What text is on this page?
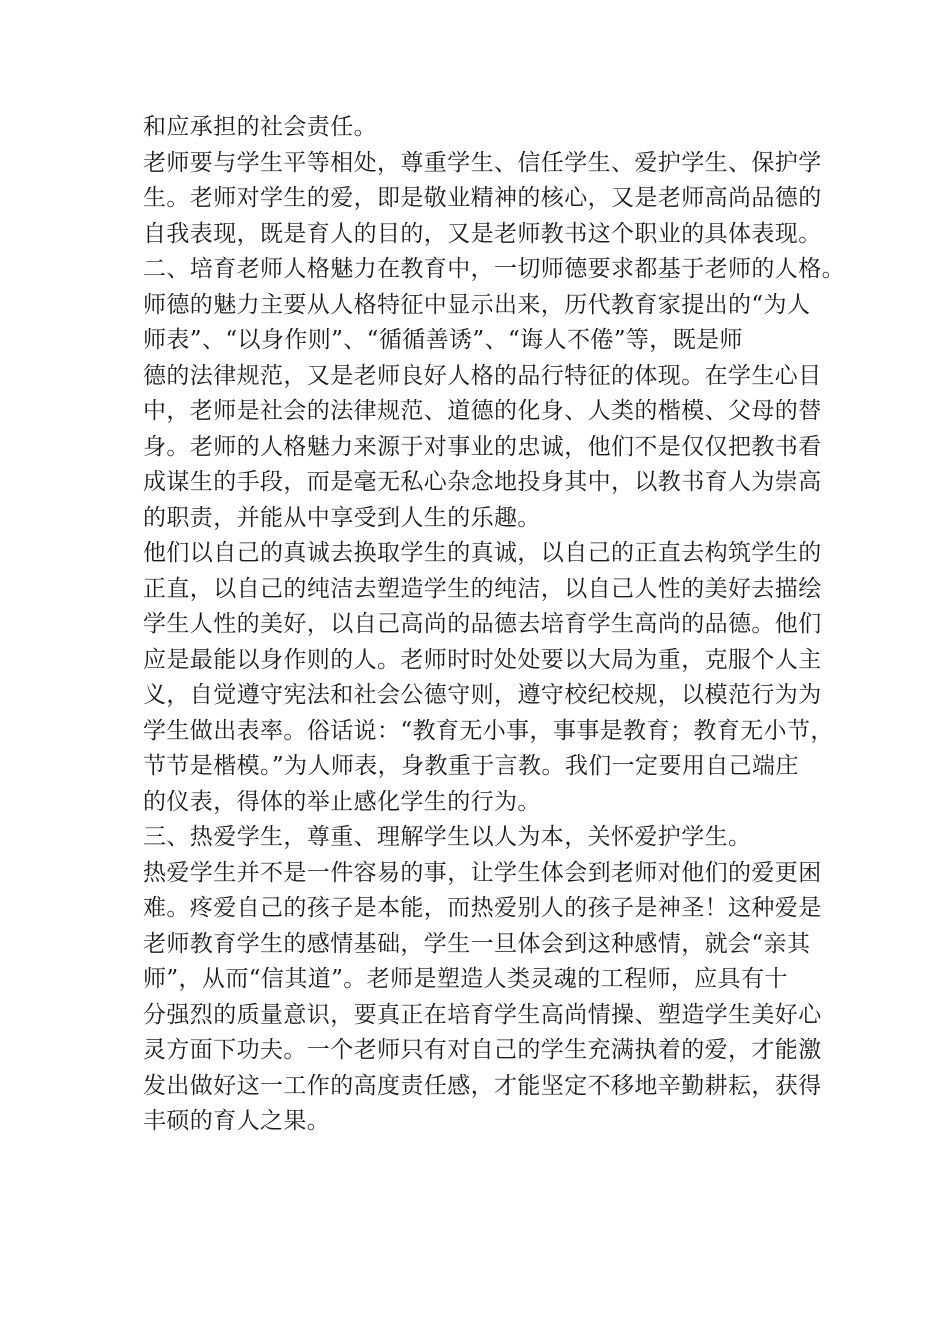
和应承担的社会责任。
老师要与学生平等相处，尊重学生、信任学生、爱护学生、保护学
生。老师对学生的爱，即是敬业精神的核心，又是老师高尚品德的
自我表现，既是育人的目的，又是老师教书这个职业的具体表现。
二、培育老师人格魅力在教育中，一切师德要求都基于老师的人格。
师德的魅力主要从人格特征中显示出来，历代教育家提出的“为人
师表”、“以身作则”、“循循善诱”、“诲人不倦”等，既是师
德的法律规范，又是老师良好人格的品行特征的体现。在学生心目
中，老师是社会的法律规范、道德的化身、人类的楷模、父母的替
身。老师的人格魅力来源于对事业的忠诚，他们不是仅仅把教书看
成谋生的手段，而是毫无私心杂念地投身其中，以教书育人为崇高
的职责，并能从中享受到人生的乐趣。
他们以自己的真诚去换取学生的真诚，以自己的正直去构筑学生的
正直，以自己的纯洁去塑造学生的纯洁，以自己人性的美好去描绘
学生人性的美好，以自己高尚的品德去培育学生高尚的品德。他们
应是最能以身作则的人。老师时时处处要以大局为重，克服个人主
义，自觉遵守宪法和社会公德守则，遵守校纪校规，以模范行为为
学生做出表率。俗话说：“教育无小事，事事是教育；教育无小节，
节节是楷模。”为人师表，身教重于言教。我们一定要用自己端庄
的仪表，得体的举止感化学生的行为。
三、热爱学生，尊重、理解学生以人为本，关怀爱护学生。
热爱学生并不是一件容易的事，让学生体会到老师对他们的爱更困
难。疼爱自己的孩子是本能，而热爱别人的孩子是神圣！这种爱是
老师教育学生的感情基础，学生一旦体会到这种感情，就会“亲其
师”，从而“信其道”。老师是塑造人类灵魂的工程师，应具有十
分强烈的质量意识，要真正在培育学生高尚情操、塑造学生美好心
灵方面下功夫。一个老师只有对自己的学生充满执着的爱，才能激
发出做好这一工作的高度责任感，才能坚定不移地辛勤耕耘，获得
丰硕的育人之果。
